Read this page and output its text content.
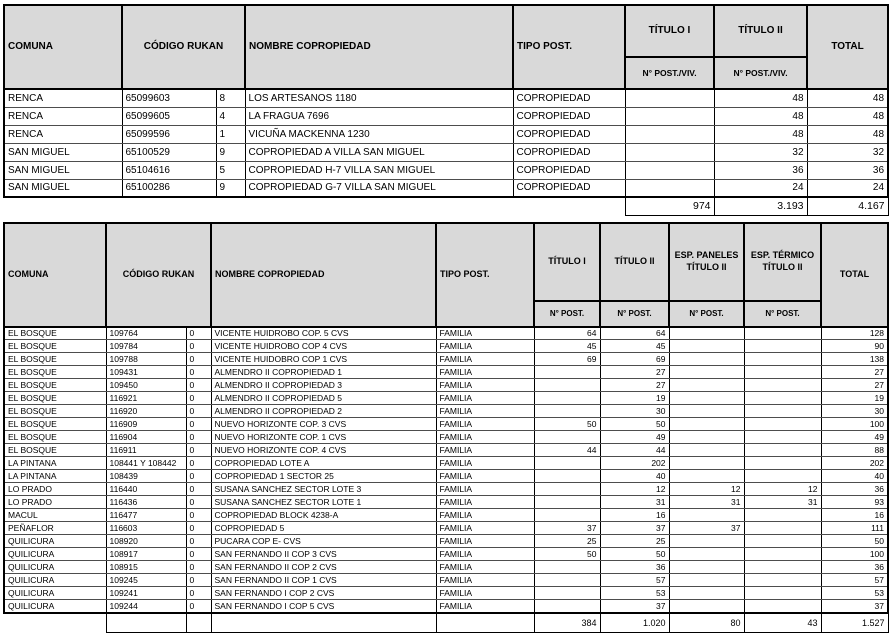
COMUNA	CÓDIGO RUKAN		NOMBRE COPROPIEDAD	TIPO POST.	TÍTULO I	TÍTULO II	TOTAL
					N° POST./VIV.	N° POST./VIV.	
RENCA	65099603	8	LOS ARTESANOS 1180	COPROPIEDAD		48	48
RENCA	65099605	4	LA FRAGUA 7696	COPROPIEDAD		48	48
RENCA	65099596	1	VICUÑA MACKENNA 1230	COPROPIEDAD		48	48
SAN MIGUEL	65100529	9	COPROPIEDAD A VILLA SAN MIGUEL	COPROPIEDAD		32	32
SAN MIGUEL	65104616	5	COPROPIEDAD H-7 VILLA SAN MIGUEL	COPROPIEDAD		36	36
SAN MIGUEL	65100286	9	COPROPIEDAD G-7 VILLA SAN MIGUEL	COPROPIEDAD		24	24
					974	3.193	4.167
COMUNA	CÓDIGO RUKAN		NOMBRE COPROPIEDAD	TIPO POST.	TÍTULO I	TÍTULO II	ESP. PANELES TÍTULO II	ESP. TÉRMICO TÍTULO II	TOTAL
					N° POST.	N° POST.	N° POST.	N° POST.	
EL BOSQUE	109764	0	VICENTE HUIDROBO COP. 5 CVS	FAMILIA	64	64			128
EL BOSQUE	109784	0	VICENTE HUIDROBO COP 4 CVS	FAMILIA	45	45			90
EL BOSQUE	109788	0	VICENTE HUIDOBRO COP 1 CVS	FAMILIA	69	69			138
EL BOSQUE	109431	0	ALMENDRO II COPROPIEDAD 1	FAMILIA		27			27
EL BOSQUE	109450	0	ALMENDRO II COPROPIEDAD 3	FAMILIA		27			27
EL BOSQUE	116921	0	ALMENDRO II COPROPIEDAD 5	FAMILIA		19			19
EL BOSQUE	116920	0	ALMENDRO II COPROPIEDAD 2	FAMILIA		30			30
EL BOSQUE	116909	0	NUEVO HORIZONTE COP. 3 CVS	FAMILIA	50	50			100
EL BOSQUE	116904	0	NUEVO HORIZONTE COP. 1 CVS	FAMILIA		49			49
EL BOSQUE	116911	0	NUEVO HORIZONTE COP. 4 CVS	FAMILIA	44	44			88
LA PINTANA	108441 Y 108442	0	COPROPIEDAD LOTE A	FAMILIA		202			202
LA PINTANA	108439	0	COPROPIEDAD 1 SECTOR 25	FAMILIA		40			40
LO PRADO	116440	0	SUSANA SANCHEZ SECTOR LOTE 3	FAMILIA		12	12	12	36
LO PRADO	116436	0	SUSANA SANCHEZ SECTOR LOTE 1	FAMILIA		31	31	31	93
MACUL	116477	0	COPROPIEDAD BLOCK 4238-A	FAMILIA		16			16
PEÑAFLOR	116603	0	COPROPIEDAD 5	FAMILIA	37	37	37		111
QUILICURA	108920	0	PUCARA COP E- CVS	FAMILIA	25	25			50
QUILICURA	108917	0	SAN FERNANDO II COP 3 CVS	FAMILIA	50	50			100
QUILICURA	108915	0	SAN FERNANDO II COP 2 CVS	FAMILIA		36			36
QUILICURA	109245	0	SAN FERNANDO II COP 1 CVS	FAMILIA		57			57
QUILICURA	109241	0	SAN FERNANDO I COP 2 CVS	FAMILIA		53			53
QUILICURA	109244	0	SAN FERNANDO I COP 5 CVS	FAMILIA		37			37
					384	1.020	80	43	1.527
